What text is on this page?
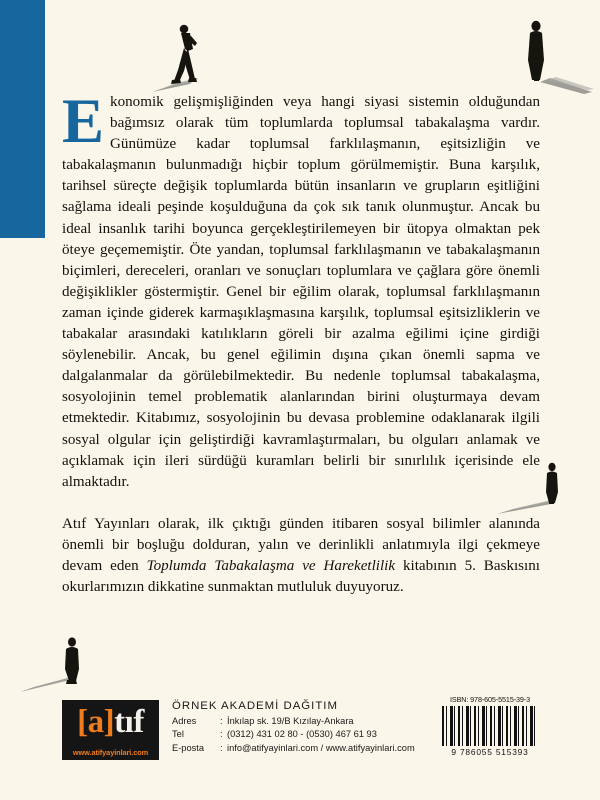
Ekonomik gelişmişliğinden veya hangi siyasi sistemin olduğundan bağımsız olarak tüm toplumlarda toplumsal tabakalaşma vardır. Günümüze kadar toplumsal farklılaşmanın, eşitsizliğin ve tabakalaşmanın bulunmadığı hiçbir toplum görülmemiştir. Buna karşılık, tarihsel süreçte değişik toplumlarda bütün insanların ve grupların eşitliğini sağlama ideali peşinde koşulduğuna da çok sık tanık olunmuştur. Ancak bu ideal insanlık tarihi boyunca gerçekleştirilemeyen bir ütopya olmaktan pek öteye geçememiştir. Öte yandan, toplumsal farklılaşmanın ve tabakalaşmanın biçimleri, dereceleri, oranları ve sonuçları toplumlara ve çağlara göre önemli değişiklikler göstermiştir. Genel bir eğilim olarak, toplumsal farklılaşmanın zaman içinde giderek karmaşıklaşmasına karşılık, toplumsal eşitsizliklerin ve tabakalar arasındaki katılıkların göreli bir azalma eğilimi içine girdiği söylenebilir. Ancak, bu genel eğilimin dışına çıkan önemli sapma ve dalgalanmalar da görülebilmektedir. Bu nedenle toplumsal tabakalaşma, sosyolojinin temel problematik alanlarından birini oluşturmaya devam etmektedir. Kitabımız, sosyolojinin bu devasa problemine odaklanarak ilgili sosyal olgular için geliştirdiği kavramlaştırmaları, bu olguları anlamak ve açıklamak için ileri sürdüğü kuramları belirli bir sınırlılık içerisinde ele almaktadır.

Atıf Yayınları olarak, ilk çıktığı günden itibaren sosyal bilimler alanında önemli bir boşluğu dolduran, yalın ve derinlikli anlatımıyla ilgi çekmeye devam eden Toplumda Tabakalaşma ve Hareketlilik kitabının 5. Baskısını okurlarımızın dikkatine sunmaktan mutluluk duyuyoruz.

[a]tıf
www.atifyayinlari.com
ÖRNEK AKADEMİ DAĞITIM
Adres	: İnkılap sk. 19/B Kızılay-Ankara
Tel	: (0312) 431 02 80 - (0530) 467 61 93
E-posta	: info@atifyayinlari.com / www.atifyayinlari.com
ISBN: 978-605-5515-39-3
9 786055 515393
